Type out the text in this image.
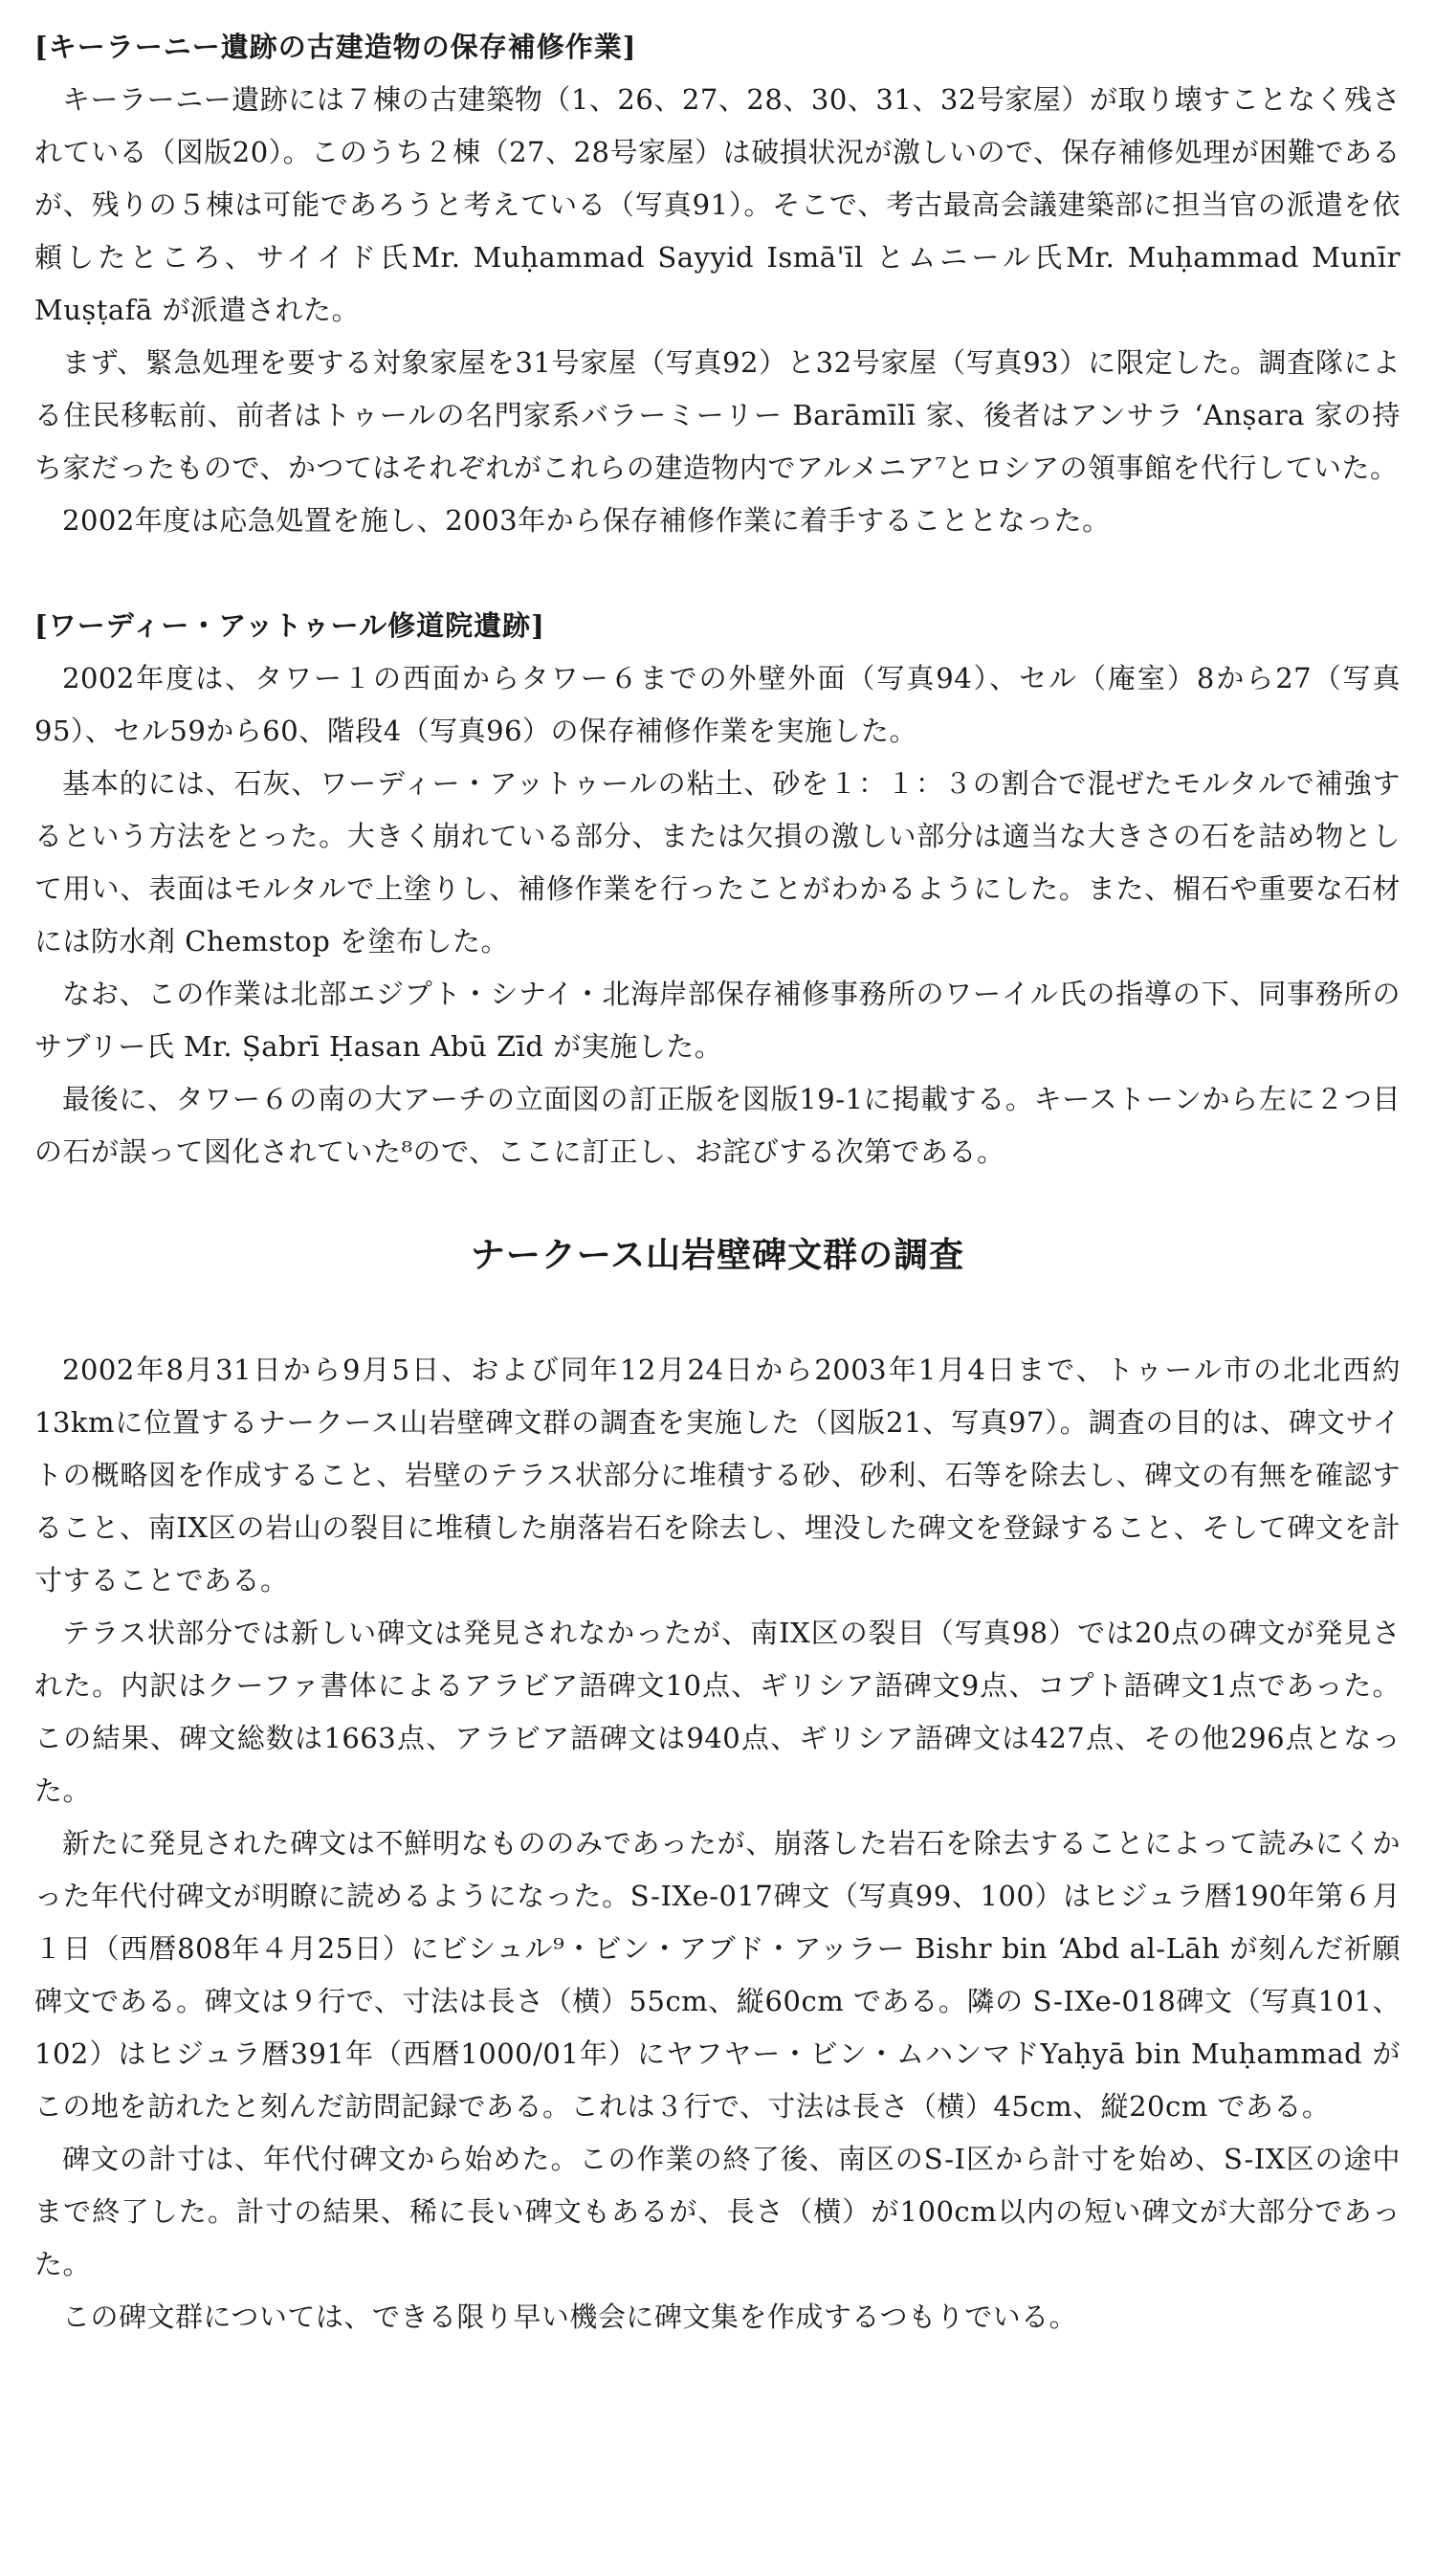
[キーラーニー遺跡の古建造物の保存補修作業]

キーラーニー遺跡には７棟の古建築物（1、26、27、28、30、31、32号家屋）が取り壊すことなく残されている（図版20）。このうち２棟（27、28号家屋）は破損状況が激しいので、保存補修処理が困難であるが、残りの５棟は可能であろうと考えている（写真91）。そこで、考古最高会議建築部に担当官の派遣を依頼したところ、サイイド氏Mr. Muḥammad Sayyid Ismā'īl とムニール氏Mr. Muḥammad Munīr Muṣṭafā が派遣された。

まず、緊急処理を要する対象家屋を31号家屋（写真92）と32号家屋（写真93）に限定した。調査隊による住民移転前、前者はトゥールの名門家系バラーミーリー Barāmīlī 家、後者はアンサラ ʻAnṣara 家の持ち家だったもので、かつてはそれぞれがこれらの建造物内でアルメニア⁷とロシアの領事館を代行していた。

2002年度は応急処置を施し、2003年から保存補修作業に着手することとなった。

[ワーディー・アットゥール修道院遺跡]

2002年度は、タワー１の西面からタワー６までの外壁外面（写真94）、セル（庵室）8から27（写真95）、セル59から60、階段4（写真96）の保存補修作業を実施した。

基本的には、石灰、ワーディー・アットゥールの粘土、砂を１：１：３の割合で混ぜたモルタルで補強するという方法をとった。大きく崩れている部分、または欠損の激しい部分は適当な大きさの石を詰め物として用い、表面はモルタルで上塗りし、補修作業を行ったことがわかるようにした。また、楣石や重要な石材には防水剤 Chemstop を塗布した。

なお、この作業は北部エジプト・シナイ・北海岸部保存補修事務所のワーイル氏の指導の下、同事務所のサブリー氏 Mr. Ṣabrī Ḥasan Abū Zīd が実施した。

最後に、タワー６の南の大アーチの立面図の訂正版を図版19-1に掲載する。キーストーンから左に２つ目の石が誤って図化されていた⁸ので、ここに訂正し、お詫びする次第である。

ナークース山岩壁碑文群の調査

2002年8月31日から9月5日、および同年12月24日から2003年1月4日まで、トゥール市の北北西約13kmに位置するナークース山岩壁碑文群の調査を実施した（図版21、写真97）。調査の目的は、碑文サイトの概略図を作成すること、岩壁のテラス状部分に堆積する砂、砂利、石等を除去し、碑文の有無を確認すること、南IX区の岩山の裂目に堆積した崩落岩石を除去し、埋没した碑文を登録すること、そして碑文を計寸することである。

テラス状部分では新しい碑文は発見されなかったが、南IX区の裂目（写真98）では20点の碑文が発見された。内訳はクーファ書体によるアラビア語碑文10点、ギリシア語碑文9点、コプト語碑文1点であった。この結果、碑文総数は1663点、アラビア語碑文は940点、ギリシア語碑文は427点、その他296点となった。

新たに発見された碑文は不鮮明なもののみであったが、崩落した岩石を除去することによって読みにくかった年代付碑文が明瞭に読めるようになった。S-IXe-017碑文（写真99、100）はヒジュラ暦190年第６月１日（西暦808年４月25日）にビシュル⁹・ビン・アブド・アッラー Bishr bin ʻAbd al-Lāh が刻んだ祈願碑文である。碑文は９行で、寸法は長さ（横）55cm、縦60cm である。隣の S-IXe-018碑文（写真101、102）はヒジュラ暦391年（西暦1000/01年）にヤフヤー・ビン・ムハンマドYaḥyā bin Muḥammad がこの地を訪れたと刻んだ訪問記録である。これは３行で、寸法は長さ（横）45cm、縦20cm である。

碑文の計寸は、年代付碑文から始めた。この作業の終了後、南区のS-I区から計寸を始め、S-IX区の途中まで終了した。計寸の結果、稀に長い碑文もあるが、長さ（横）が100cm以内の短い碑文が大部分であった。

この碑文群については、できる限り早い機会に碑文集を作成するつもりでいる。
